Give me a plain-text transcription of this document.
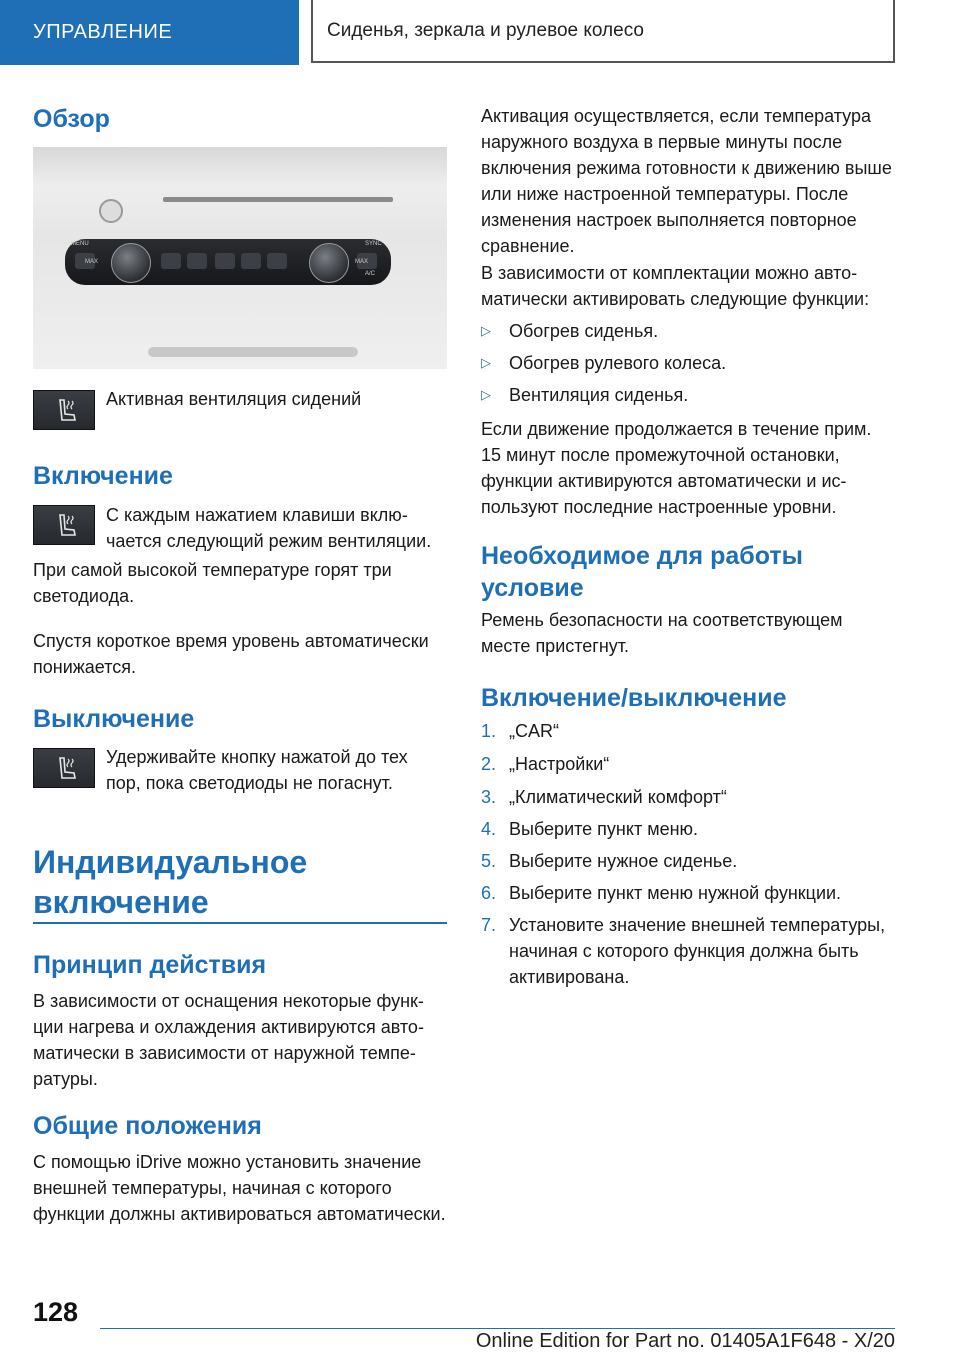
УПРАВЛЕНИЕ	Сиденья, зеркала и рулевое колесо
Обзор
MENU
MAX
SYNC
MAX
A/C

Активная вентиляция сидений

Включение

С каждым нажатием клавиши включается следующий режим вентиляции.

При самой высокой температуре горят три светодиода.

Спустя короткое время уровень автоматически понижается.

Выключение

Удерживайте кнопку нажатой до тех пор, пока светодиоды не погаснут.

Индивидуальное включение
Принцип действия

В зависимости от оснащения некоторые функции нагрева и охлаждения активируются автоматически в зависимости от наружной температуры.

Общие положения

С помощью iDrive можно установить значение внешней температуры, начиная с которого функции должны активироваться автоматически.

Активация осуществляется, если температура наружного воздуха в первые минуты после включения режима готовности к движению выше или ниже настроенной температуры. После изменения настроек выполняется повторное сравнение.

В зависимости от комплектации можно автоматически активировать следующие функции:

▷ Обогрев сиденья.
▷ Обогрев рулевого колеса.
▷ Вентиляция сиденья.

Если движение продолжается в течение прим. 15 минут после промежуточной остановки, функции активируются автоматически и используют последние настроенные уровни.

Необходимое для работы условие

Ремень безопасности на соответствующем месте пристегнут.

Включение/выключение
1. „CAR“
2. „Настройки“
3. „Климатический комфорт“
4. Выберите пункт меню.
5. Выберите нужное сиденье.
6. Выберите пункт меню нужной функции.
7. Установите значение внешней температуры, начиная с которого функция должна быть активирована.
128
Online Edition for Part no. 01405A1F648 - X/20
